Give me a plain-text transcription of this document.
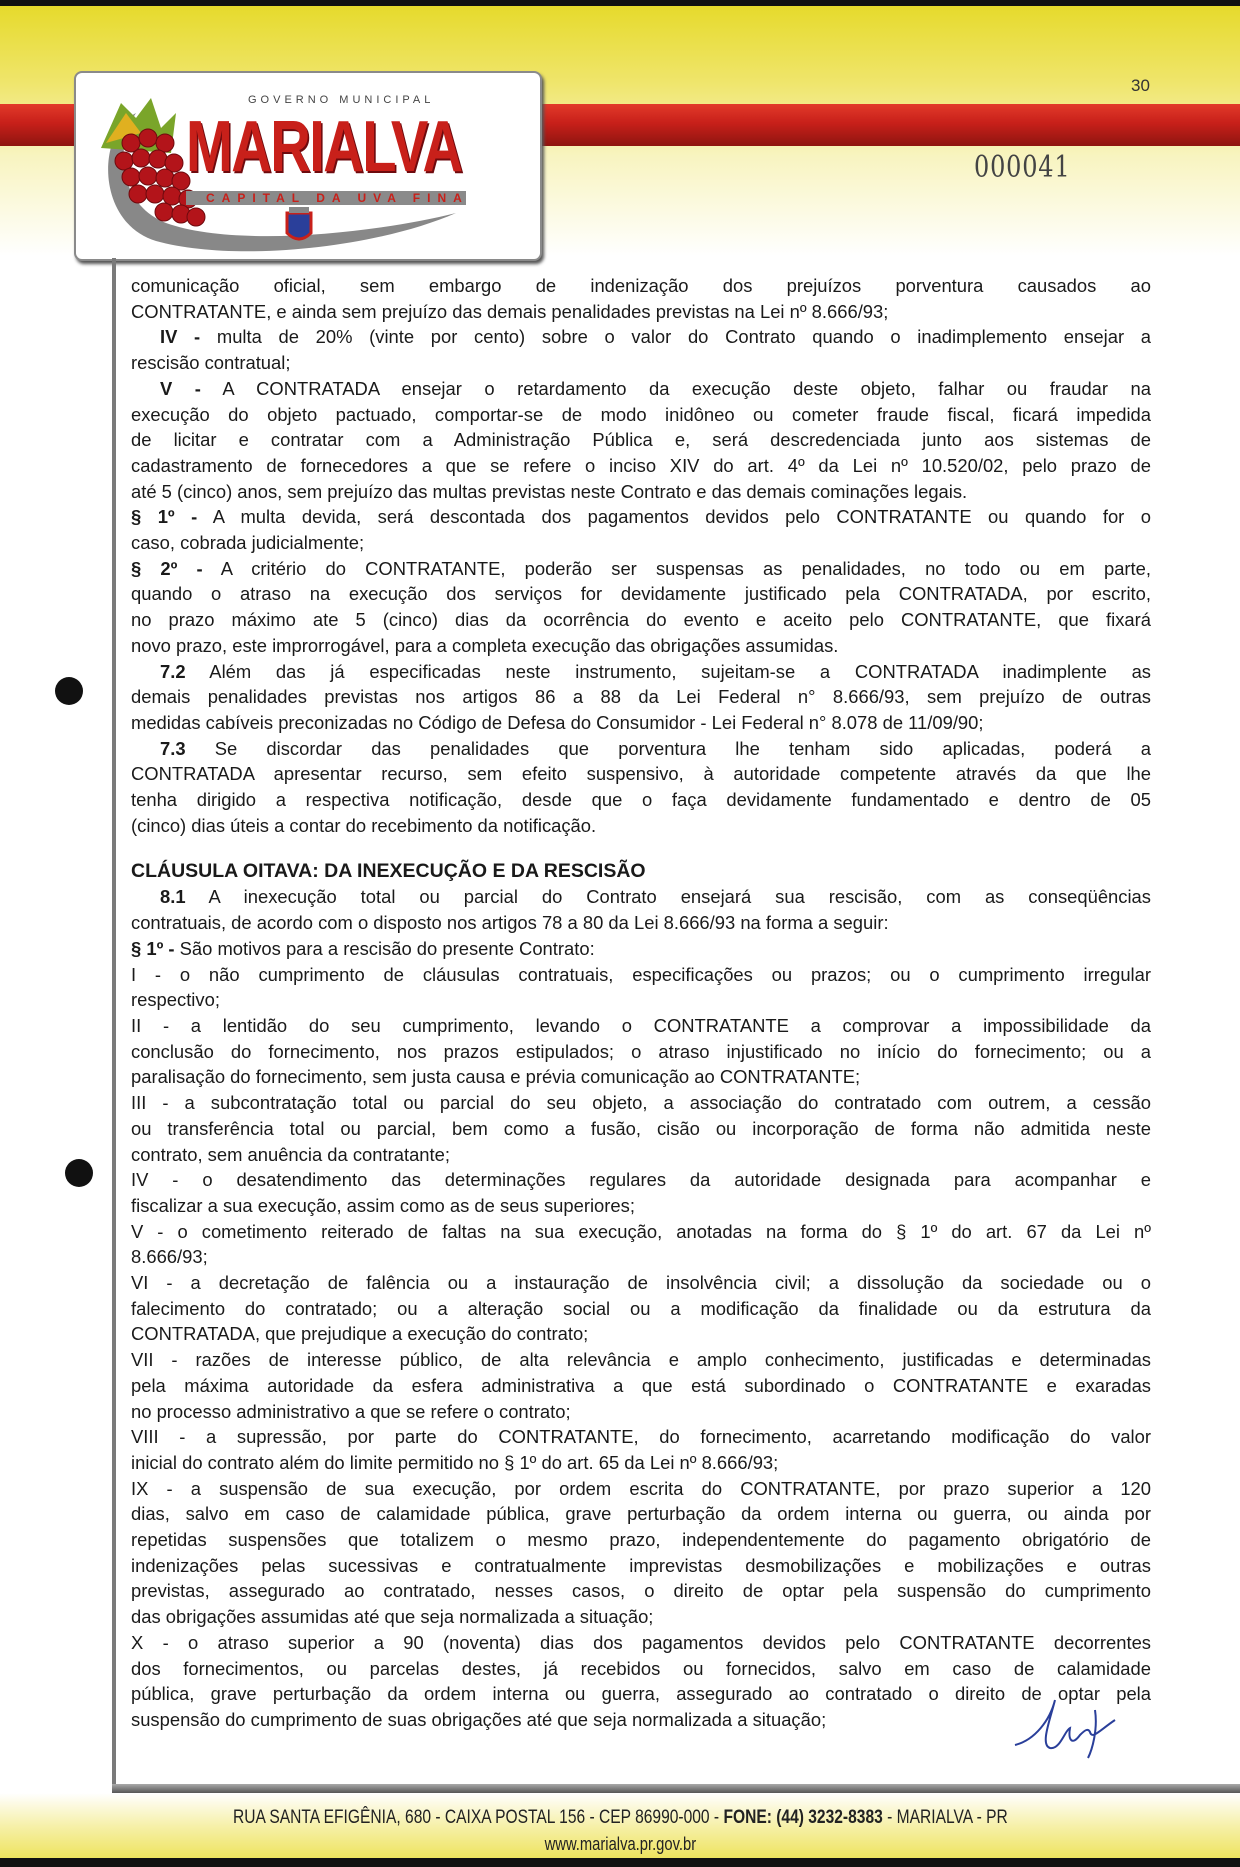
GOVERNO MUNICIPAL
MARIALVA
CAPITAL DA UVA FINA
30
000041
comunicação oficial, sem embargo de indenização dos prejuízos porventura causados ao
CONTRATANTE, e ainda sem prejuízo das demais penalidades previstas na Lei nº 8.666/93;
IV - multa de 20% (vinte por cento) sobre o valor do Contrato quando o inadimplemento ensejar a
rescisão contratual;
V - A CONTRATADA ensejar o retardamento da execução deste objeto, falhar ou fraudar na
execução do objeto pactuado, comportar-se de modo inidôneo ou cometer fraude fiscal, ficará impedida
de licitar e contratar com a Administração Pública e, será descredenciada junto aos sistemas de
cadastramento de fornecedores a que se refere o inciso XIV do art. 4º da Lei nº 10.520/02, pelo prazo de
até 5 (cinco) anos, sem prejuízo das multas previstas neste Contrato e das demais cominações legais.
§ 1º - A multa devida, será descontada dos pagamentos devidos pelo CONTRATANTE ou quando for o
caso, cobrada judicialmente;
§ 2º - A critério do CONTRATANTE, poderão ser suspensas as penalidades, no todo ou em parte,
quando o atraso na execução dos serviços for devidamente justificado pela CONTRATADA, por escrito,
no prazo máximo ate 5 (cinco) dias da ocorrência do evento e aceito pelo CONTRATANTE, que fixará
novo prazo, este improrrogável, para a completa execução das obrigações assumidas.
7.2 Além das já especificadas neste instrumento, sujeitam-se a CONTRATADA inadimplente as
demais penalidades previstas nos artigos 86 a 88 da Lei Federal n° 8.666/93, sem prejuízo de outras
medidas cabíveis preconizadas no Código de Defesa do Consumidor - Lei Federal n° 8.078 de 11/09/90;
7.3 Se discordar das penalidades que porventura lhe tenham sido aplicadas, poderá a
CONTRATADA apresentar recurso, sem efeito suspensivo, à autoridade competente através da que lhe
tenha dirigido a respectiva notificação, desde que o faça devidamente fundamentado e dentro de 05
(cinco) dias úteis a contar do recebimento da notificação.
CLÁUSULA OITAVA: DA INEXECUÇÃO E DA RESCISÃO
8.1 A inexecução total ou parcial do Contrato ensejará sua rescisão, com as conseqüências
contratuais, de acordo com o disposto nos artigos 78 a 80 da Lei 8.666/93 na forma a seguir:
§ 1º - São motivos para a rescisão do presente Contrato:
I - o não cumprimento de cláusulas contratuais, especificações ou prazos; ou o cumprimento irregular
respectivo;
II - a lentidão do seu cumprimento, levando o CONTRATANTE a comprovar a impossibilidade da
conclusão do fornecimento, nos prazos estipulados; o atraso injustificado no início do fornecimento; ou a
paralisação do fornecimento, sem justa causa e prévia comunicação ao CONTRATANTE;
III - a subcontratação total ou parcial do seu objeto, a associação do contratado com outrem, a cessão
ou transferência total ou parcial, bem como a fusão, cisão ou incorporação de forma não admitida neste
contrato, sem anuência da contratante;
IV - o desatendimento das determinações regulares da autoridade designada para acompanhar e
fiscalizar a sua execução, assim como as de seus superiores;
V - o cometimento reiterado de faltas na sua execução, anotadas na forma do § 1º do art. 67 da Lei nº
8.666/93;
VI - a decretação de falência ou a instauração de insolvência civil; a dissolução da sociedade ou o
falecimento do contratado; ou a alteração social ou a modificação da finalidade ou da estrutura da
CONTRATADA, que prejudique a execução do contrato;
VII - razões de interesse público, de alta relevância e amplo conhecimento, justificadas e determinadas
pela máxima autoridade da esfera administrativa a que está subordinado o CONTRATANTE e exaradas
no processo administrativo a que se refere o contrato;
VIII - a supressão, por parte do CONTRATANTE, do fornecimento, acarretando modificação do valor
inicial do contrato além do limite permitido no § 1º do art. 65 da Lei nº 8.666/93;
IX - a suspensão de sua execução, por ordem escrita do CONTRATANTE, por prazo superior a 120
dias, salvo em caso de calamidade pública, grave perturbação da ordem interna ou guerra, ou ainda por
repetidas suspensões que totalizem o mesmo prazo, independentemente do pagamento obrigatório de
indenizações pelas sucessivas e contratualmente imprevistas desmobilizações e mobilizações e outras
previstas, assegurado ao contratado, nesses casos, o direito de optar pela suspensão do cumprimento
das obrigações assumidas até que seja normalizada a situação;
X - o atraso superior a 90 (noventa) dias dos pagamentos devidos pelo CONTRATANTE decorrentes
dos fornecimentos, ou parcelas destes, já recebidos ou fornecidos, salvo em caso de calamidade
pública, grave perturbação da ordem interna ou guerra, assegurado ao contratado o direito de optar pela
suspensão do cumprimento de suas obrigações até que seja normalizada a situação;
RUA SANTA EFIGÊNIA, 680 - CAIXA POSTAL 156 - CEP 86990-000 - FONE: (44) 3232-8383 - MARIALVA - PR
www.marialva.pr.gov.br
